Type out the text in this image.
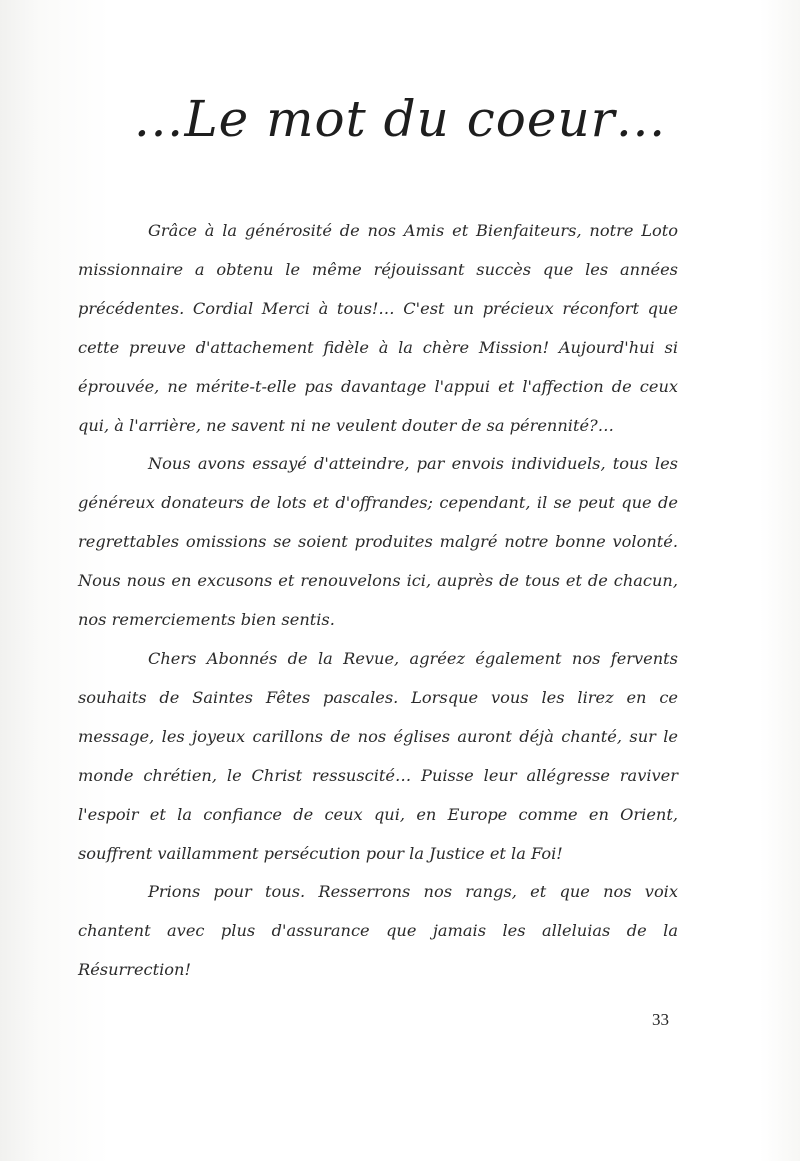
…Le mot du coeur…

Grâce à la générosité de nos Amis et Bienfaiteurs, notre Loto missionnaire a obtenu le même réjouissant succès que les années précédentes. Cordial Merci à tous!… C'est un précieux réconfort que cette preuve d'attachement fidèle à la chère Mission! Aujourd'hui si éprouvée, ne mérite-t-elle pas davantage l'appui et l'affection de ceux qui, à l'arrière, ne savent ni ne veulent douter de sa pérennité?…

Nous avons essayé d'atteindre, par envois individuels, tous les généreux donateurs de lots et d'offrandes; cependant, il se peut que de regrettables omissions se soient produites malgré notre bonne volonté. Nous nous en excusons et renouvelons ici, auprès de tous et de chacun, nos remerciements bien sentis.

Chers Abonnés de la Revue, agréez également nos fervents souhaits de Saintes Fêtes pascales. Lorsque vous les lirez en ce message, les joyeux carillons de nos églises auront déjà chanté, sur le monde chrétien, le Christ ressuscité… Puisse leur allégresse raviver l'espoir et la confiance de ceux qui, en Europe comme en Orient, souffrent vaillamment persécution pour la Justice et la Foi!

Prions pour tous. Resserrons nos rangs, et que nos voix chantent avec plus d'assurance que jamais les alleluias de la Résurrection!

33
